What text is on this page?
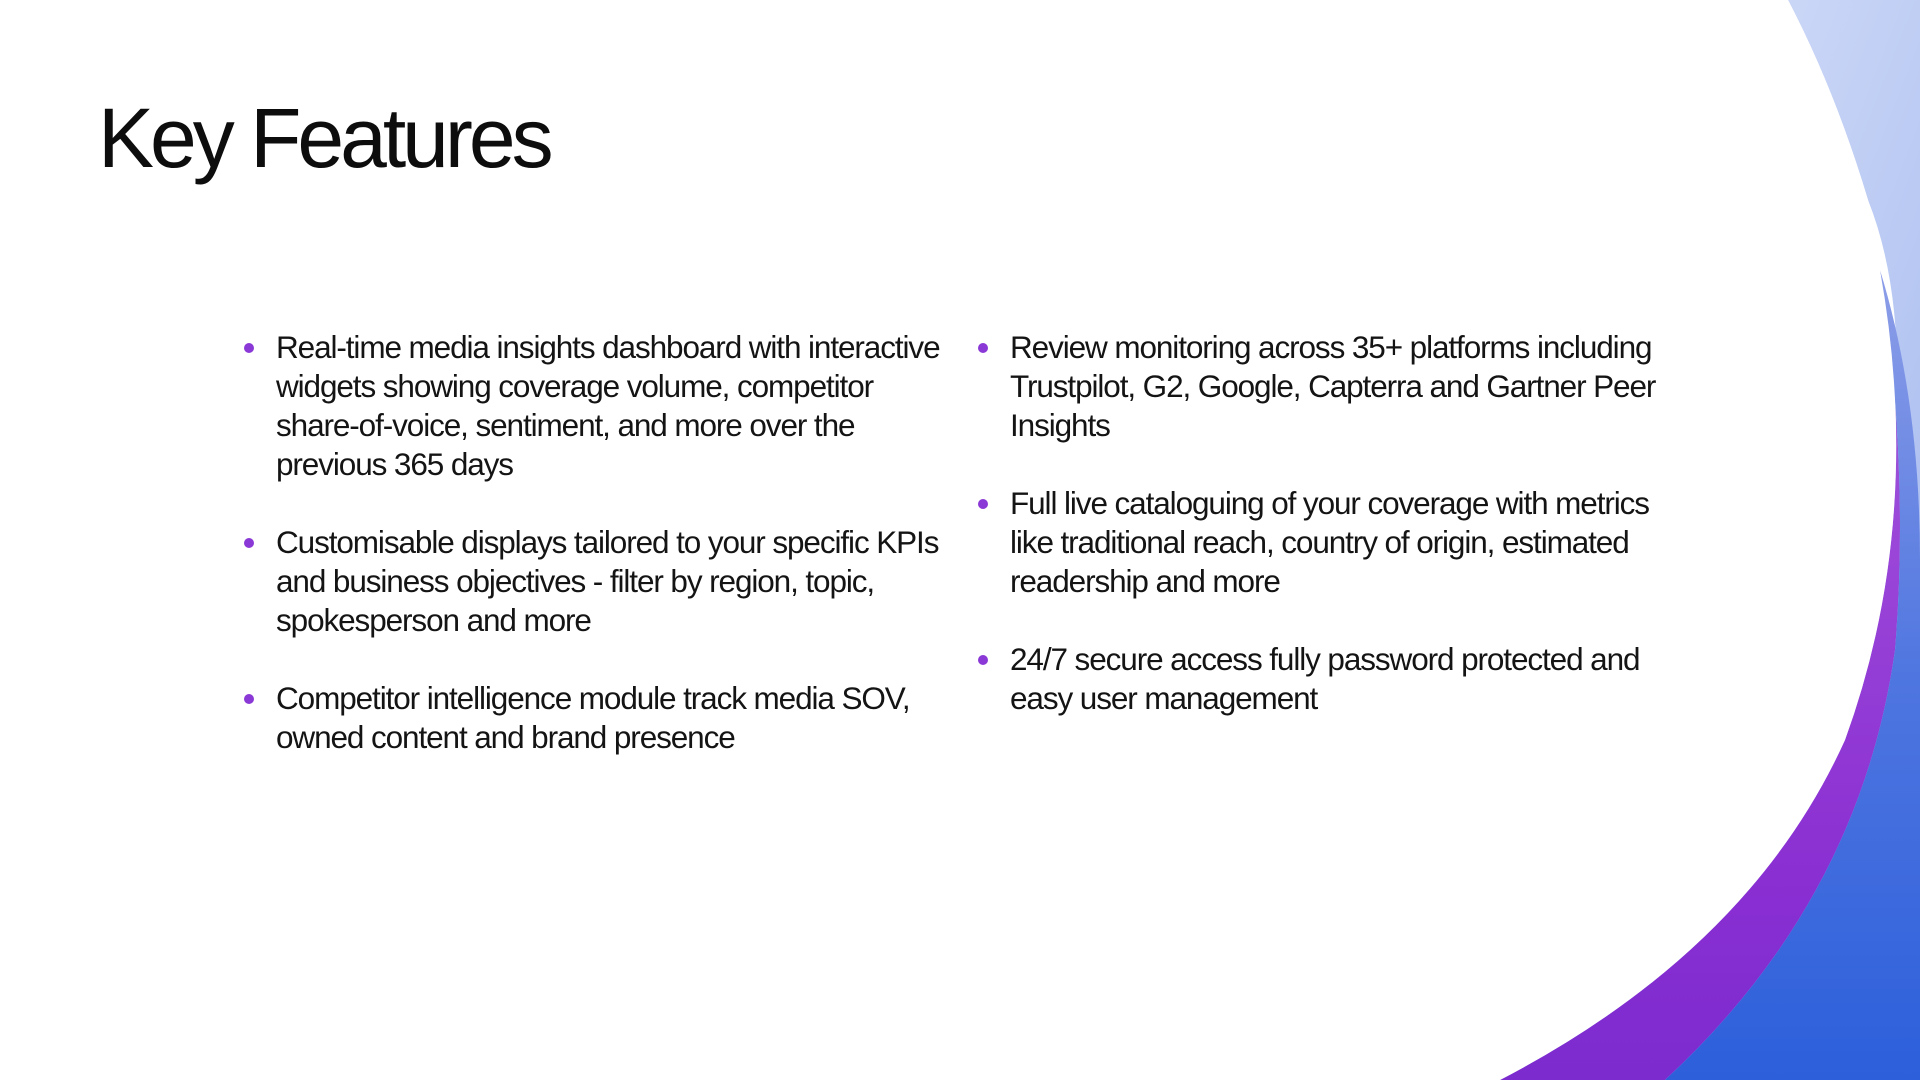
Key Features
Real-time media insights dashboard with interactive widgets showing coverage volume, competitor share-of-voice, sentiment, and more over the previous 365 days
Customisable displays tailored to your specific KPIs and business objectives - filter by region, topic, spokesperson and more
Competitor intelligence module track media SOV, owned content and brand presence
Review monitoring across 35+ platforms including Trustpilot, G2, Google, Capterra and Gartner Peer Insights
Full live cataloguing of your coverage with metrics like traditional reach, country of origin, estimated readership and more
24/7 secure access fully password protected and easy user management
